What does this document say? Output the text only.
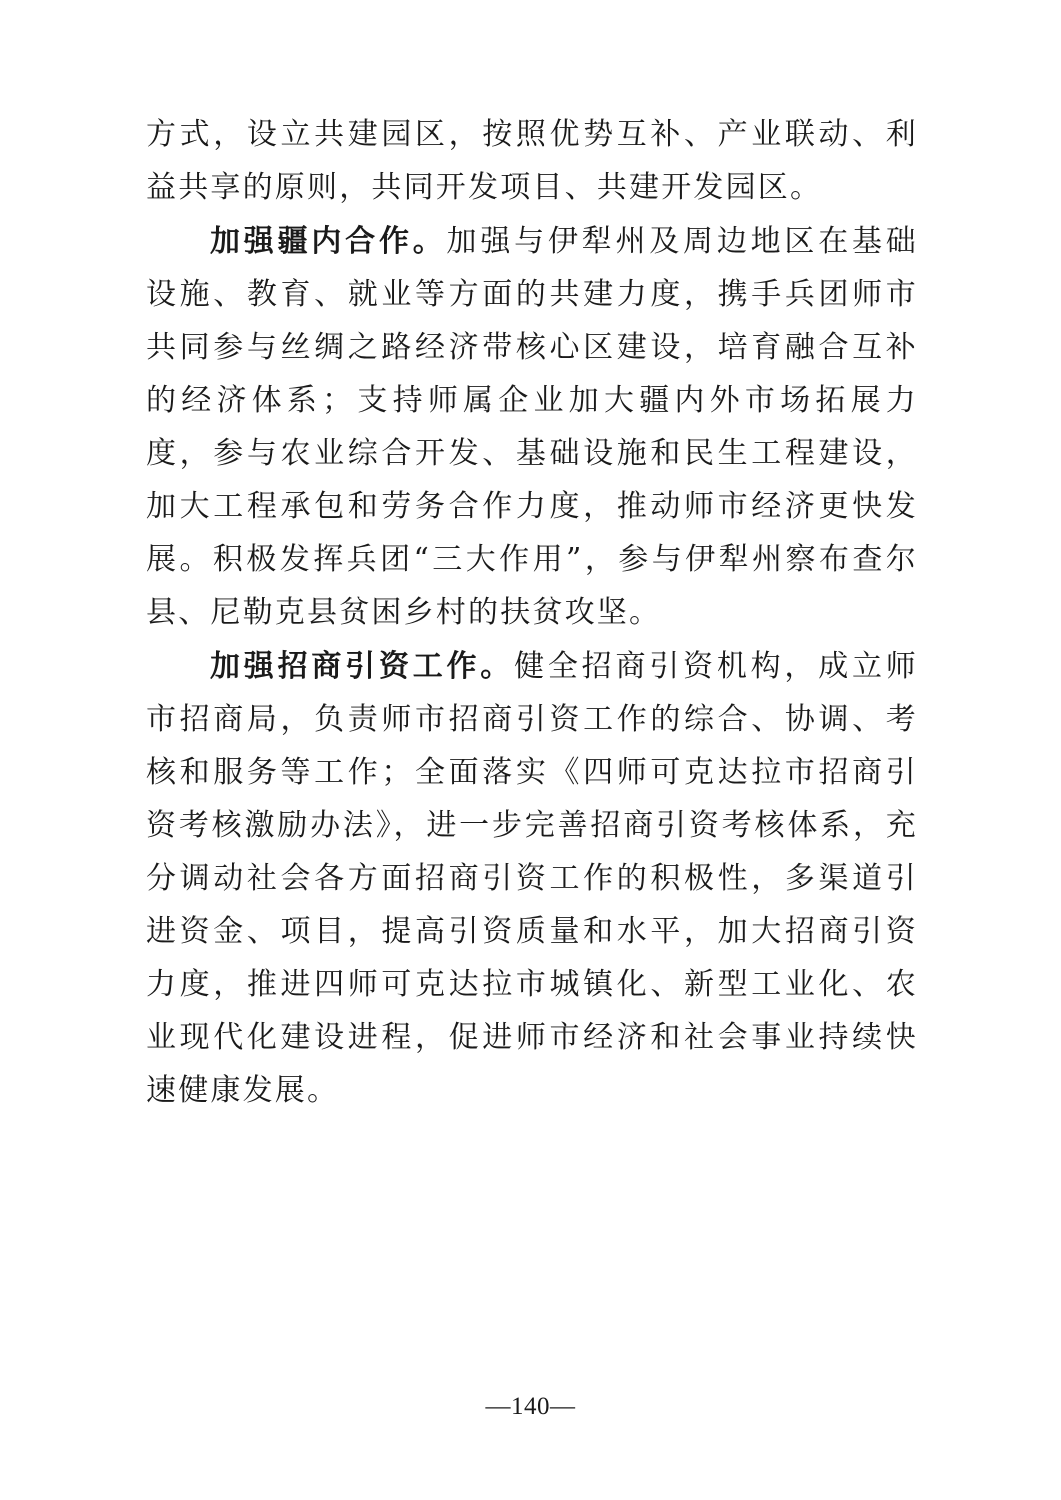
方式，设立共建园区，按照优势互补、产业联动、利益共享的原则，共同开发项目、共建开发园区。

加强疆内合作。加强与伊犁州及周边地区在基础设施、教育、就业等方面的共建力度，携手兵团师市共同参与丝绸之路经济带核心区建设，培育融合互补的经济体系；支持师属企业加大疆内外市场拓展力度，参与农业综合开发、基础设施和民生工程建设，加大工程承包和劳务合作力度，推动师市经济更快发展。积极发挥兵团“三大作用”，参与伊犁州察布查尔县、尼勒克县贫困乡村的扶贫攻坚。

加强招商引资工作。健全招商引资机构，成立师市招商局，负责师市招商引资工作的综合、协调、考核和服务等工作；全面落实《四师可克达拉市招商引资考核激励办法》，进一步完善招商引资考核体系，充分调动社会各方面招商引资工作的积极性，多渠道引进资金、项目，提高引资质量和水平，加大招商引资力度，推进四师可克达拉市城镇化、新型工业化、农业现代化建设进程，促进师市经济和社会事业持续快速健康发展。

—140—
